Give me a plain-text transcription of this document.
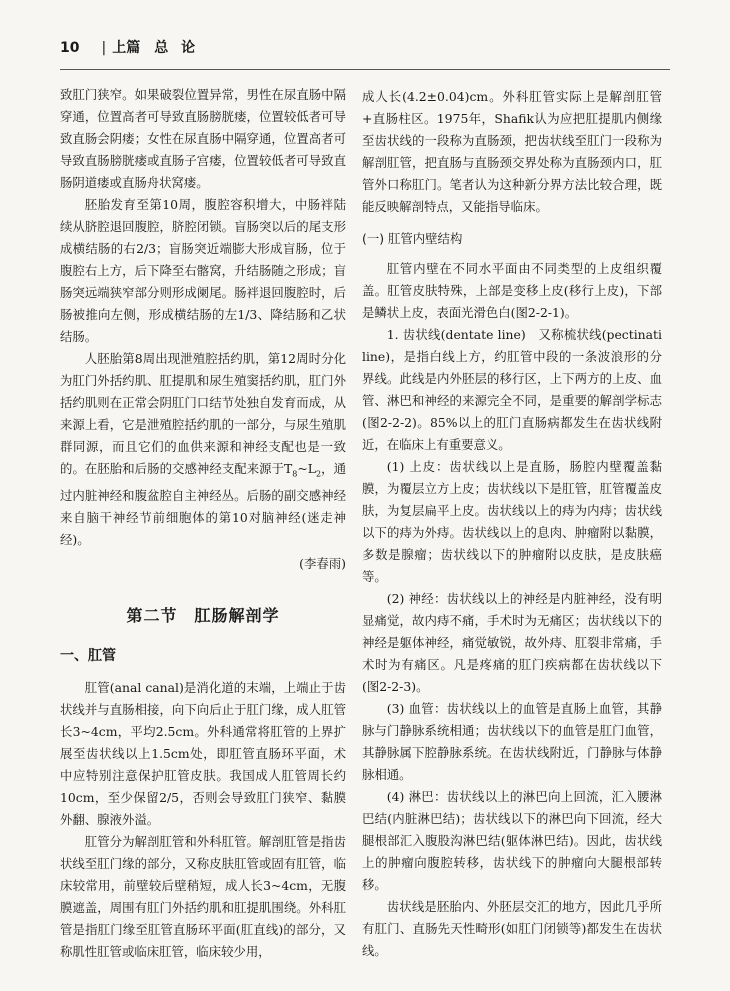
10 | 上篇 总 论

致肛门狭窄。如果破裂位置异常，男性在尿直肠中隔穿通，位置高者可导致直肠膀胱瘘，位置较低者可导致直肠会阴瘘；女性在尿直肠中隔穿通，位置高者可导致直肠膀胱瘘或直肠子宫瘘，位置较低者可导致直肠阴道瘘或直肠舟状窝瘘。

胚胎发育至第10周，腹腔容积增大，中肠袢陆续从脐腔退回腹腔，脐腔闭锁。盲肠突以后的尾支形成横结肠的右2/3；盲肠突近端膨大形成盲肠，位于腹腔右上方，后下降至右髂窝，升结肠随之形成；盲肠突远端狭窄部分则形成阑尾。肠袢退回腹腔时，后肠被推向左侧，形成横结肠的左1/3、降结肠和乙状结肠。

人胚胎第8周出现泄殖腔括约肌，第12周时分化为肛门外括约肌、肛提肌和尿生殖窦括约肌，肛门外括约肌则在正常会阴肛门口结节处独自发育而成，从来源上看，它是泄殖腔括约肌的一部分，与尿生殖肌群同源，而且它们的血供来源和神经支配也是一致的。在胚胎和后肠的交感神经支配来源于$T_8\sim L_2$，通过内脏神经和腹盆腔自主神经丛。后肠的副交感神经来自脑干神经节前细胞体的第10对脑神经(迷走神经)。

(李春雨)

第二节　肛肠解剖学
一、肛管

肛管(anal canal)是消化道的末端，上端止于齿状线并与直肠相接，向下向后止于肛门缘，成人肛管长3~4cm，平均2.5cm。外科通常将肛管的上界扩展至齿状线以上1.5cm处，即肛管直肠环平面，术中应特别注意保护肛管皮肤。我国成人肛管周长约10cm，至少保留2/5，否则会导致肛门狭窄、黏膜外翻、腺液外溢。

肛管分为解剖肛管和外科肛管。解剖肛管是指齿状线至肛门缘的部分，又称皮肤肛管或固有肛管，临床较常用，前壁较后壁稍短，成人长3~4cm，无腹膜遮盖，周围有肛门外括约肌和肛提肌围绕。外科肛管是指肛门缘至肛管直肠环平面(肛直线)的部分，又称肌性肛管或临床肛管，临床较少用，

成人长(4.2±0.04)cm。外科肛管实际上是解剖肛管+直肠柱区。1975年，Shafik认为应把肛提肌内侧缘至齿状线的一段称为直肠颈，把齿状线至肛门一段称为解剖肛管，把直肠与直肠颈交界处称为直肠颈内口，肛管外口称肛门。笔者认为这种新分界方法比较合理，既能反映解剖特点，又能指导临床。

(一) 肛管内壁结构

肛管内壁在不同水平面由不同类型的上皮组织覆盖。肛管皮肤特殊，上部是变移上皮(移行上皮)，下部是鳞状上皮，表面光滑色白(图2-2-1)。

1. 齿状线(dentate line)　又称梳状线(pectinati line)，是指白线上方，约肛管中段的一条波浪形的分界线。此线是内外胚层的移行区，上下两方的上皮、血管、淋巴和神经的来源完全不同，是重要的解剖学标志(图2-2-2)。85%以上的肛门直肠病都发生在齿状线附近，在临床上有重要意义。

(1) 上皮：齿状线以上是直肠，肠腔内壁覆盖黏膜，为覆层立方上皮；齿状线以下是肛管，肛管覆盖皮肤，为复层扁平上皮。齿状线以上的痔为内痔；齿状线以下的痔为外痔。齿状线以上的息肉、肿瘤附以黏膜，多数是腺瘤；齿状线以下的肿瘤附以皮肤，是皮肤癌等。

(2) 神经：齿状线以上的神经是内脏神经，没有明显痛觉，故内痔不痛，手术时为无痛区；齿状线以下的神经是躯体神经，痛觉敏锐，故外痔、肛裂非常痛，手术时为有痛区。凡是疼痛的肛门疾病都在齿状线以下(图2-2-3)。

(3) 血管：齿状线以上的血管是直肠上血管，其静脉与门静脉系统相通；齿状线以下的血管是肛门血管，其静脉属下腔静脉系统。在齿状线附近，门静脉与体静脉相通。

(4) 淋巴：齿状线以上的淋巴向上回流，汇入腰淋巴结(内脏淋巴结)；齿状线以下的淋巴向下回流，经大腿根部汇入腹股沟淋巴结(躯体淋巴结)。因此，齿状线上的肿瘤向腹腔转移，齿状线下的肿瘤向大腿根部转移。

齿状线是胚胎内、外胚层交汇的地方，因此几乎所有肛门、直肠先天性畸形(如肛门闭锁等)都发生在齿状线。
